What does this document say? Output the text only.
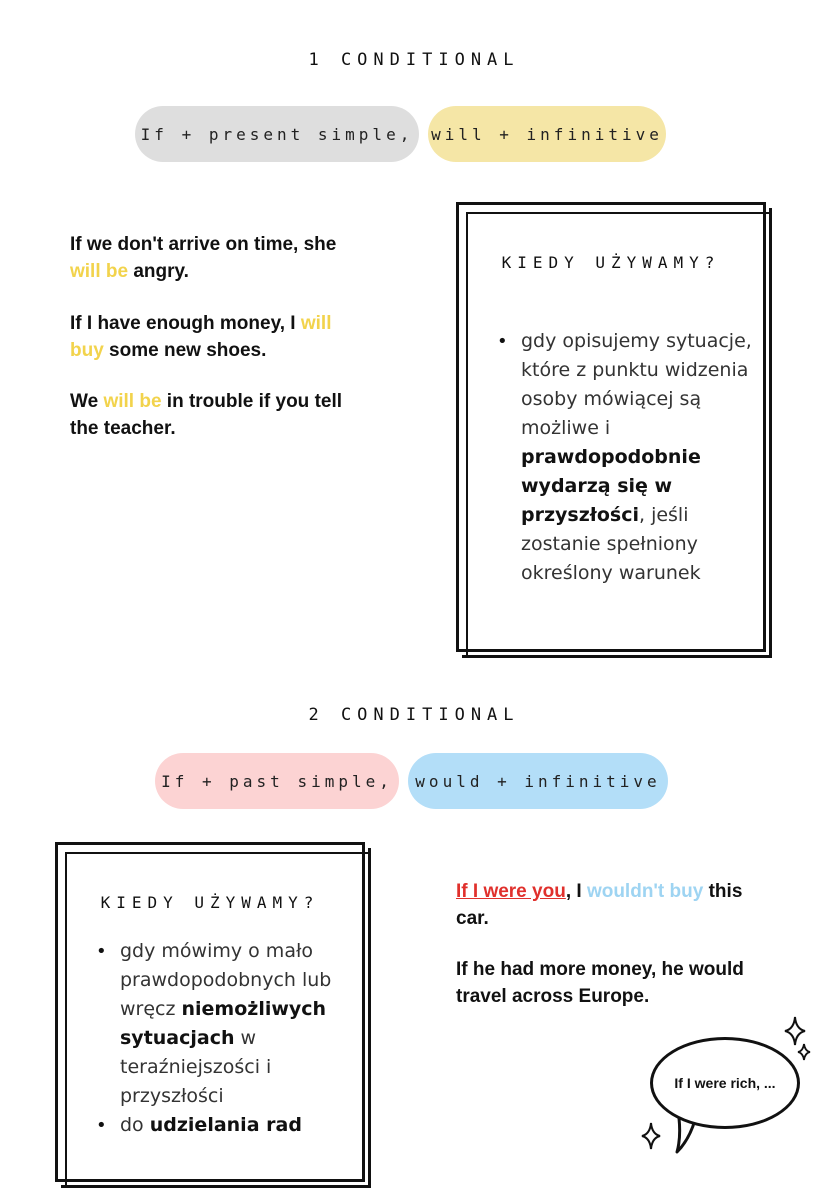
1 CONDITIONAL
If + present simple,	will + infinitive

If we don't arrive on time, she will be angry.

If I have enough money, I will buy some new shoes.

We will be in trouble if you tell the teacher.

KIEDY UŻYWAMY?
• gdy opisujemy sytuacje, które z punktu widzenia osoby mówiącej są możliwe i prawdopodobnie wydarzą się w przyszłości, jeśli zostanie spełniony określony warunek
2 CONDITIONAL
If + past simple,	would + infinitive
KIEDY UŻYWAMY?
• gdy mówimy o mało prawdopodobnych lub wręcz niemożliwych sytuacjach w teraźniejszości i przyszłości
• do udzielania rad

If I were you, I wouldn't buy this car.

If he had more money, he would travel across Europe.

If I were rich, ...
